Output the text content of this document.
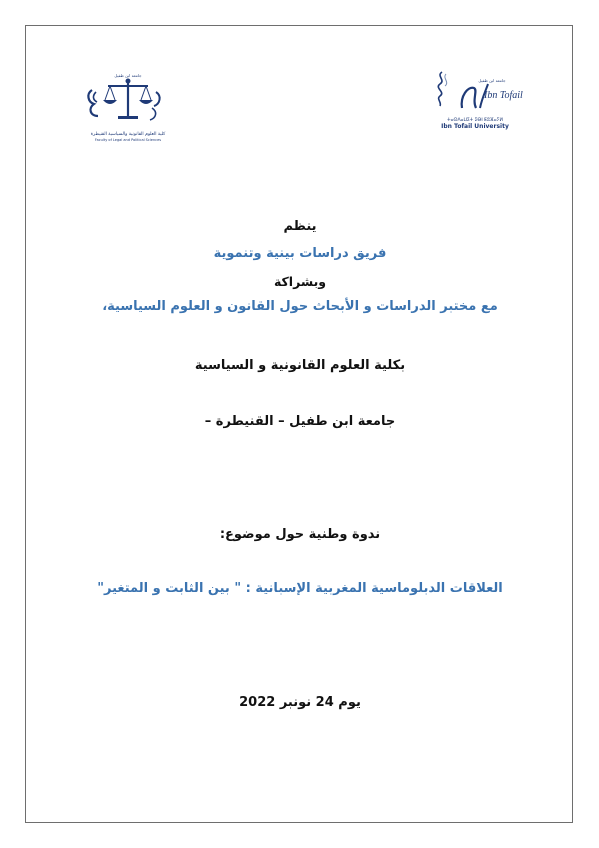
جامعة ابن طفيل
كلية العلوم القانونية والسياسية القنيطرة
Faculty of Legal and Political Sciences
Ibn Tofail
جامعة ابن طفيل
ⵜⴰⵙⴷⴰⵡⵉⵜ ⵉⴱⵏ ⵟⵓⴼⴰⵢⵍ
Ibn Tofail University
ينظم
فريق دراسات بينية وتنموية
وبشراكة
مع مختبر الدراسات و الأبحاث حول القانون و العلوم السياسية،
بكلية العلوم القانونية و السياسية
جامعة ابن طفيل – القنيطرة –
ندوة وطنية حول موضوع:
العلاقات الدبلوماسية المغربية الإسبانية : " بين الثابت و المتغير"
يوم 24 نونبر 2022
